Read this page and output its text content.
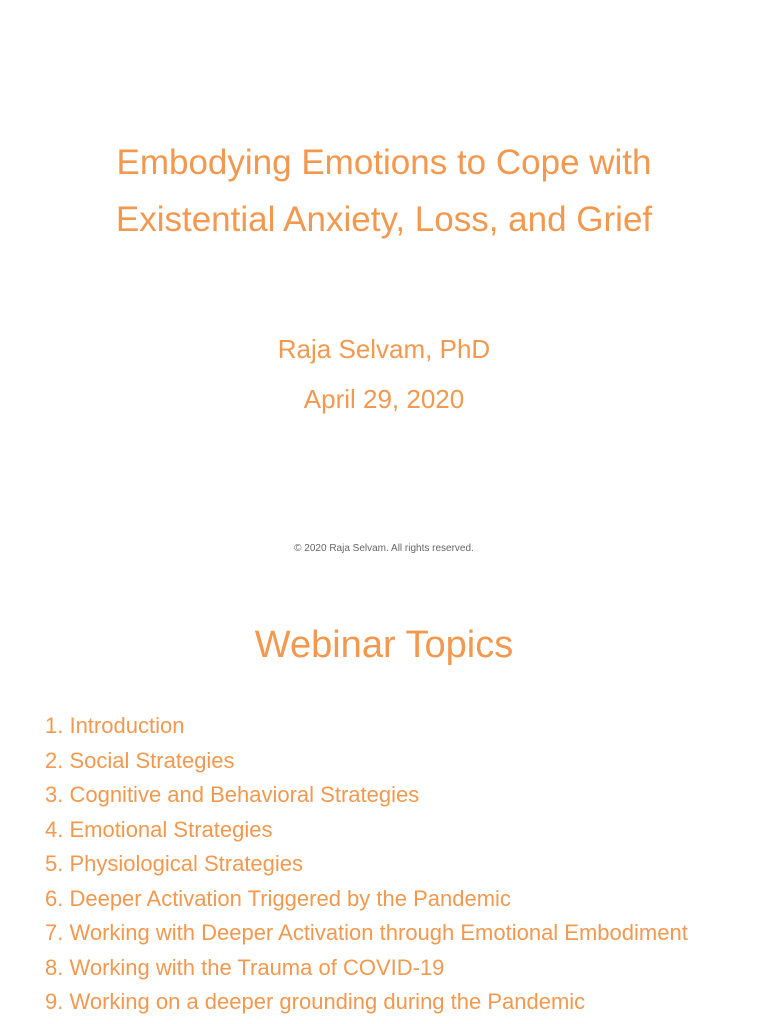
Embodying Emotions to Cope with Existential Anxiety, Loss, and Grief

Raja Selvam, PhD

April 29, 2020

© 2020 Raja Selvam. All rights reserved.

Webinar Topics
1. Introduction
2. Social Strategies
3. Cognitive and Behavioral Strategies
4. Emotional Strategies
5. Physiological Strategies
6. Deeper Activation Triggered by the Pandemic
7. Working with Deeper Activation through Emotional Embodiment
8. Working with the Trauma of COVID-19
9. Working on a deeper grounding during the Pandemic
